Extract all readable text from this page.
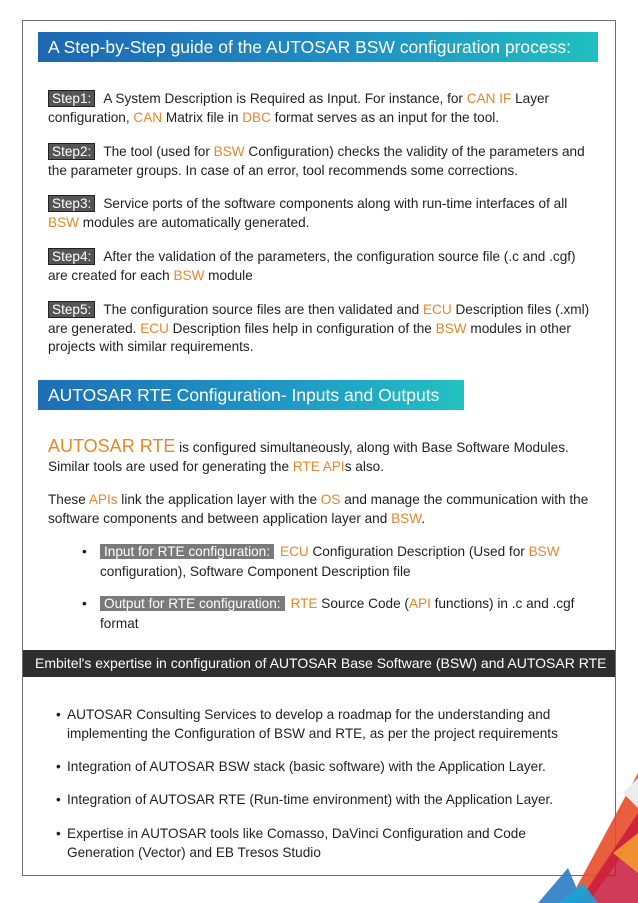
A Step-by-Step guide of the AUTOSAR BSW configuration process:
Step1: A System Description is Required as Input. For instance, for CAN IF Layer configuration, CAN Matrix file in DBC format serves as an input for the tool.
Step2: The tool (used for BSW Configuration) checks the validity of the parameters and the parameter groups. In case of an error, tool recommends some corrections.
Step3: Service ports of the software components along with run-time interfaces of all BSW modules are automatically generated.
Step4: After the validation of the parameters, the configuration source file (.c and .cgf) are created for each BSW module
Step5: The configuration source files are then validated and ECU Description files (.xml) are generated. ECU Description files help in configuration of the BSW modules in other projects with similar requirements.
AUTOSAR RTE Configuration- Inputs and Outputs
AUTOSAR RTE is configured simultaneously, along with Base Software Modules. Similar tools are used for generating the RTE APIs also.
These APIs link the application layer with the OS and manage the communication with the software components and between application layer and BSW.
•	Input for RTE configuration: ECU Configuration Description (Used for BSW configuration), Software Component Description file
•	Output for RTE configuration: RTE Source Code (API functions) in .c and .cgf format
Embitel's expertise in configuration of AUTOSAR Base Software (BSW) and AUTOSAR RTE
• AUTOSAR Consulting Services to develop a roadmap for the understanding and implementing the Configuration of BSW and RTE, as per the project requirements
• Integration of AUTOSAR BSW stack (basic software) with the Application Layer.
• Integration of AUTOSAR RTE (Run-time environment) with the Application Layer.
• Expertise in AUTOSAR tools like Comasso, DaVinci Configuration and Code Generation (Vector) and EB Tresos Studio
